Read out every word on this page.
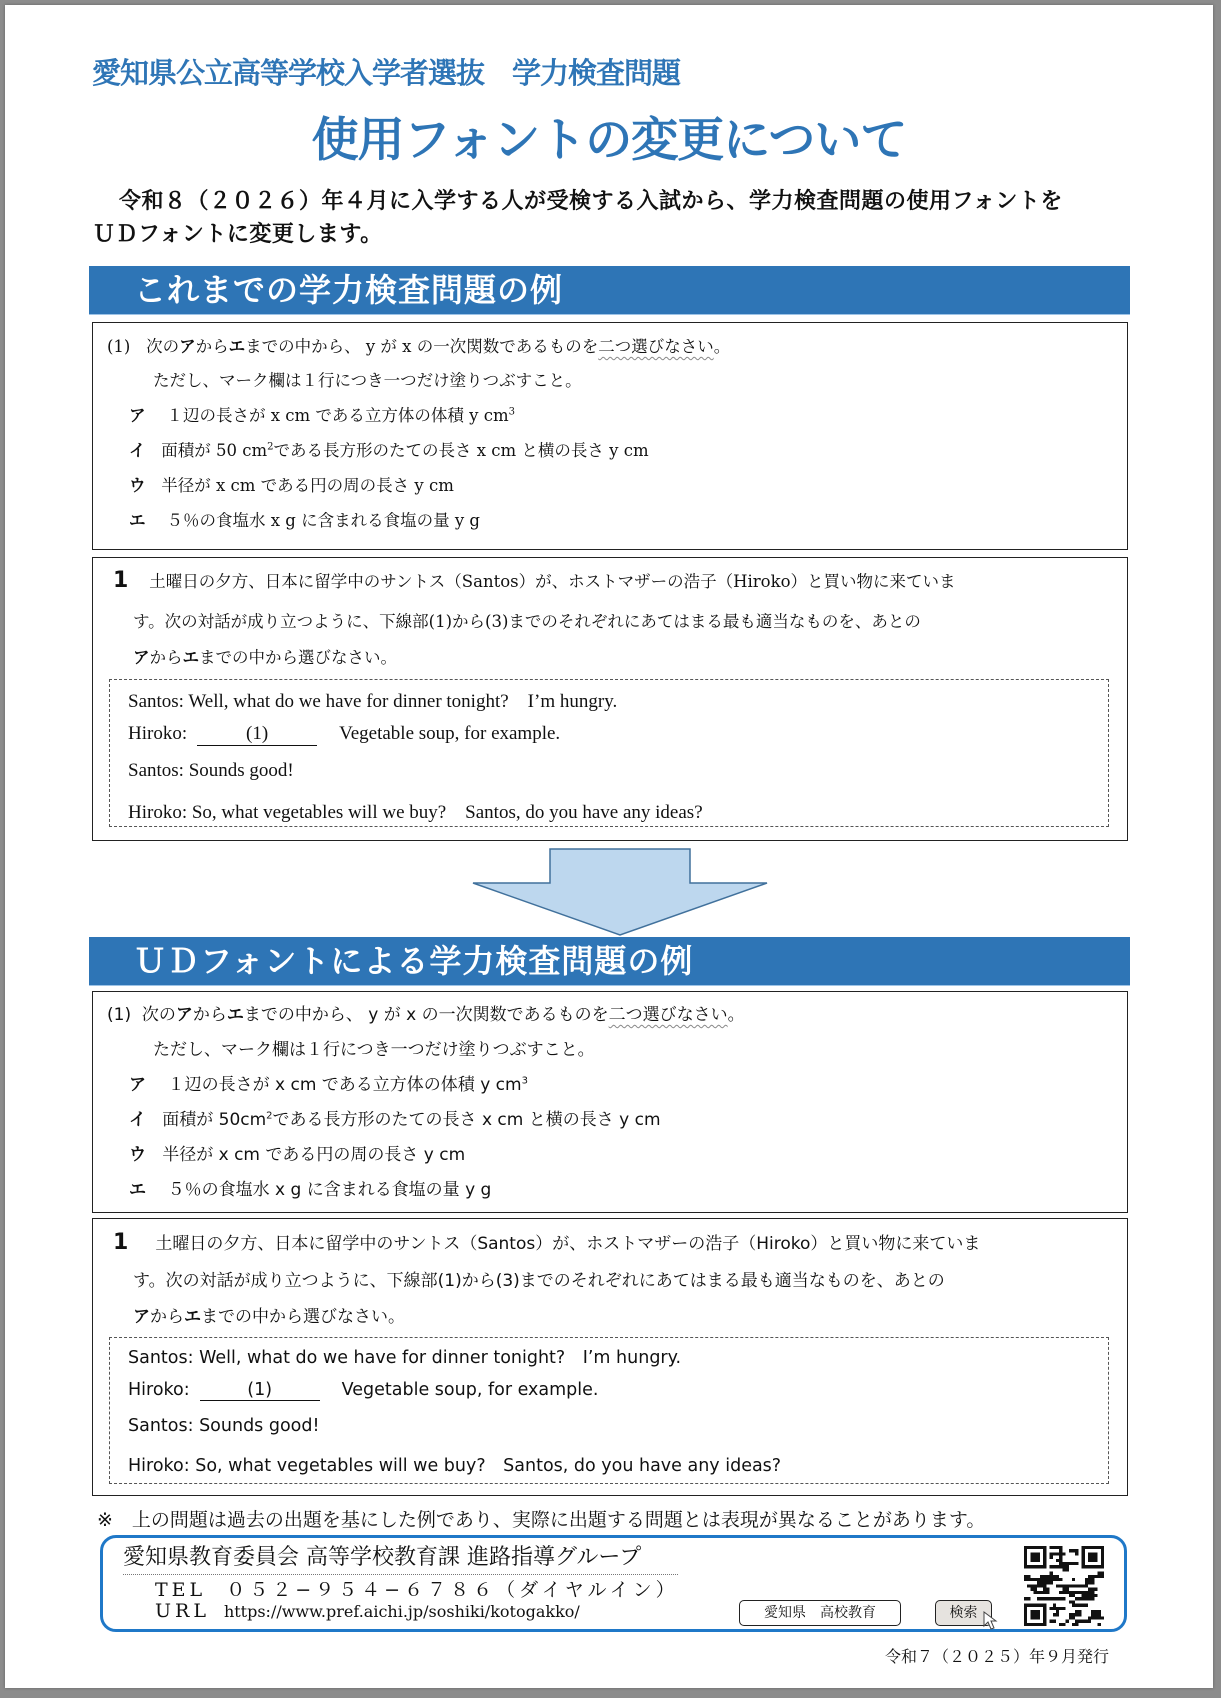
愛知県公立高等学校入学者選抜　学力検査問題
使用フォントの変更について
令和８（２０２６）年４月に入学する人が受検する入試から、学力検査問題の使用フォントを
ＵＤフォントに変更します。
これまでの学力検査問題の例
(1) 次のアからエまでの中から、 y が x の一次関数であるものを二つ選びなさい。
ただし、マーク欄は１行につき一つだけ塗りつぶすこと。
ア １辺の長さが x cm である立方体の体積 y $cm^3$
イ 面積が 50 $cm^2$である長方形のたての長さ x cm と横の長さ y cm
ウ 半径が x cm である円の周の長さ y cm
エ ５％の食塩水 x g に含まれる食塩の量 y g
1 土曜日の夕方、日本に留学中のサントス（Santos）が、ホストマザーの浩子（Hiroko）と買い物に来ていま
す。次の対話が成り立つように、下線部(1)から(3)までのそれぞれにあてはまる最も適当なものを、あとの
アからエまでの中から選びなさい。
Santos: Well, what do we have for dinner tonight?　I’m hungry.
Hiroko:	(1)	Vegetable soup, for example.
Santos: Sounds good!
Hiroko: So, what vegetables will we buy?　Santos, do you have any ideas?
ＵＤフォントによる学力検査問題の例
(1) 次のアからエまでの中から、 y が x の一次関数であるものを二つ選びなさい。
ただし、マーク欄は１行につき一つだけ塗りつぶすこと。
ア １辺の長さが x cm である立方体の体積 y $cm^3$
イ 面積が $50cm^2$である長方形のたての長さ x cm と横の長さ y cm
ウ 半径が x cm である円の周の長さ y cm
エ ５％の食塩水 x g に含まれる食塩の量 y g
1 土曜日の夕方、日本に留学中のサントス（Santos）が、ホストマザーの浩子（Hiroko）と買い物に来ていま
す。次の対話が成り立つように、下線部(1)から(3)までのそれぞれにあてはまる最も適当なものを、あとの
アからエまでの中から選びなさい。
Santos: Well, what do we have for dinner tonight?　I’m hungry.
Hiroko:	(1)	Vegetable soup, for example.
Santos: Sounds good!
Hiroko: So, what vegetables will we buy?　Santos, do you have any ideas?
※　上の問題は過去の出題を基にした例であり、実際に出題する問題とは表現が異なることがあります。
愛知県教育委員会 高等学校教育課 進路指導グループ
TEL ０５２−９５４−６７８６（ダイヤルイン）
URL https://www.pref.aichi.jp/soshiki/kotogakko/	愛知県　高校教育	検索
令和７（２０２５）年９月発行
